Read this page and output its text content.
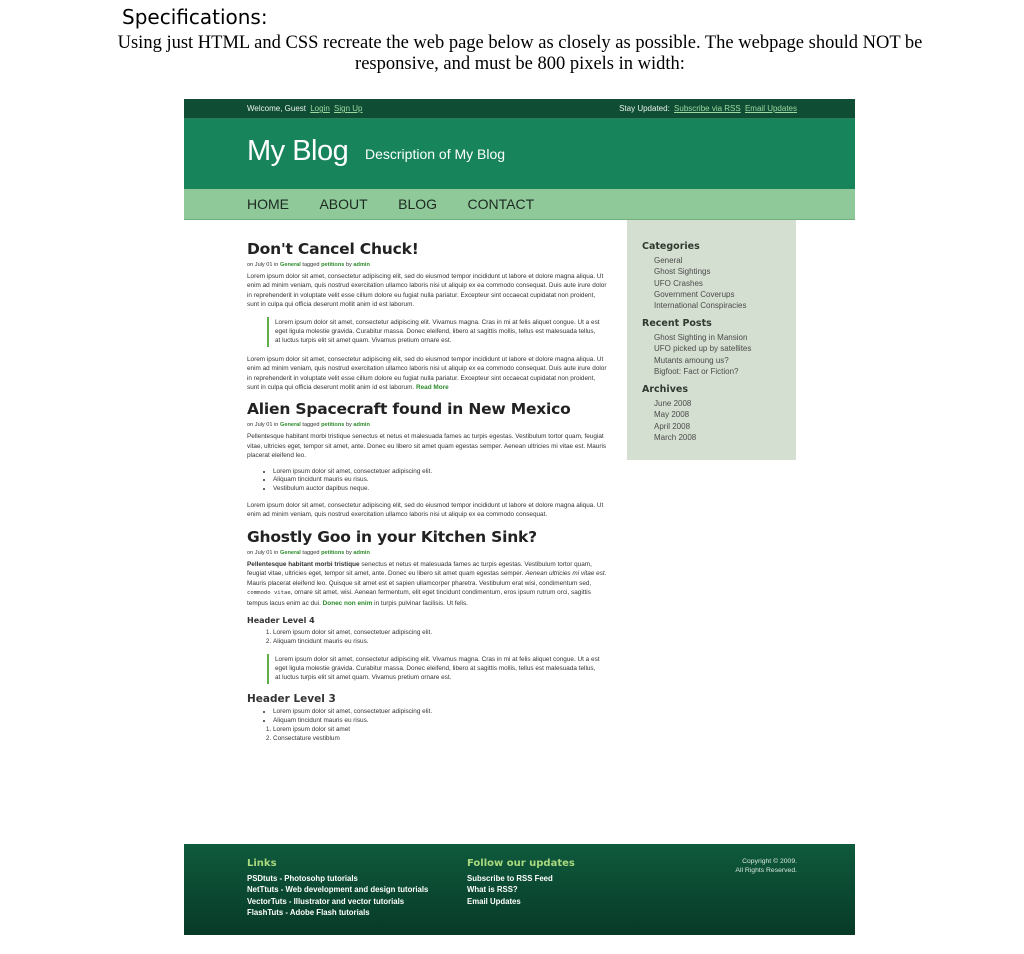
Specifications:

Using just HTML and CSS recreate the web page below as closely as possible. The webpage should NOT be responsive, and must be 800 pixels in width:

Welcome, Guest Login Sign Up	Stay Updated: Subscribe via RSS Email Updates
My Blog Description of My Blog

HOME ABOUT BLOG CONTACT
Don't Cancel Chuck!
on July 01 in General tagged petitions by admin

Lorem ipsum dolor sit amet, consectetur adipiscing elit, sed do eiusmod tempor incididunt ut labore et dolore magna aliqua. Ut enim ad minim veniam, quis nostrud exercitation ullamco laboris nisi ut aliquip ex ea commodo consequat. Duis aute irure dolor in reprehenderit in voluptate velit esse cillum dolore eu fugiat nulla pariatur. Excepteur sint occaecat cupidatat non proident, sunt in culpa qui officia deserunt mollit anim id est laborum.

Lorem ipsum dolor sit amet, consectetur adipiscing elit. Vivamus magna. Cras in mi at felis aliquet congue. Ut a est eget ligula molestie gravida. Curabitur massa. Donec eleifend, libero at sagittis mollis, tellus est malesuada tellus, at luctus turpis elit sit amet quam. Vivamus pretium ornare est.

Lorem ipsum dolor sit amet, consectetur adipiscing elit, sed do eiusmod tempor incididunt ut labore et dolore magna aliqua. Ut enim ad minim veniam, quis nostrud exercitation ullamco laboris nisi ut aliquip ex ea commodo consequat. Duis aute irure dolor in reprehenderit in voluptate velit esse cillum dolore eu fugiat nulla pariatur. Excepteur sint occaecat cupidatat non proident, sunt in culpa qui officia deserunt mollit anim id est laborum. Read More

Alien Spacecraft found in New Mexico
on July 01 in General tagged petitions by admin

Pellentesque habitant morbi tristique senectus et netus et malesuada fames ac turpis egestas. Vestibulum tortor quam, feugiat vitae, ultricies eget, tempor sit amet, ante. Donec eu libero sit amet quam egestas semper. Aenean ultricies mi vitae est. Mauris placerat eleifend leo.

• Lorem ipsum dolor sit amet, consectetuer adipiscing elit.
• Aliquam tincidunt mauris eu risus.
• Vestibulum auctor dapibus neque.

Lorem ipsum dolor sit amet, consectetur adipiscing elit, sed do eiusmod tempor incididunt ut labore et dolore magna aliqua. Ut enim ad minim veniam, quis nostrud exercitation ullamco laboris nisi ut aliquip ex ea commodo consequat.

Ghostly Goo in your Kitchen Sink?
on July 01 in General tagged petitions by admin

Pellentesque habitant morbi tristique senectus et netus et malesuada fames ac turpis egestas. Vestibulum tortor quam, feugiat vitae, ultricies eget, tempor sit amet, ante. Donec eu libero sit amet quam egestas semper. Aenean ultricies mi vitae est. Mauris placerat eleifend leo. Quisque sit amet est et sapien ullamcorper pharetra. Vestibulum erat wisi, condimentum sed, commodo vitae, ornare sit amet, wisi. Aenean fermentum, elit eget tincidunt condimentum, eros ipsum rutrum orci, sagittis tempus lacus enim ac dui. Donec non enim in turpis pulvinar facilisis. Ut felis.

Header Level 4
1. Lorem ipsum dolor sit amet, consectetuer adipiscing elit.
2. Aliquam tincidunt mauris eu risus.

Lorem ipsum dolor sit amet, consectetur adipiscing elit. Vivamus magna. Cras in mi at felis aliquet congue. Ut a est eget ligula molestie gravida. Curabitur massa. Donec eleifend, libero at sagittis mollis, tellus est malesuada tellus, at luctus turpis elit sit amet quam. Vivamus pretium ornare est.

Header Level 3
• Lorem ipsum dolor sit amet, consectetuer adipiscing elit.
• Aliquam tincidunt mauris eu risus.
1. Lorem ipsum dolor sit amet
2. Consectature vestiblum
Categories
General
Ghost Sightings
UFO Crashes
Government Coverups
International Conspiracies
Recent Posts
Ghost Sighting in Mansion
UFO picked up by satellites
Mutants amoung us?
Bigfoot: Fact or Fiction?
Archives
June 2008
May 2008
April 2008
March 2008
Links
PSDtuts - Photosohp tutorials
NetTtuts - Web development and design tutorials
VectorTuts - Illustrator and vector tutorials
FlashTuts - Adobe Flash tutorials
Follow our updates
Subscribe to RSS Feed
What is RSS?
Email Updates
Copyright © 2009.
All Rights Reserved.
